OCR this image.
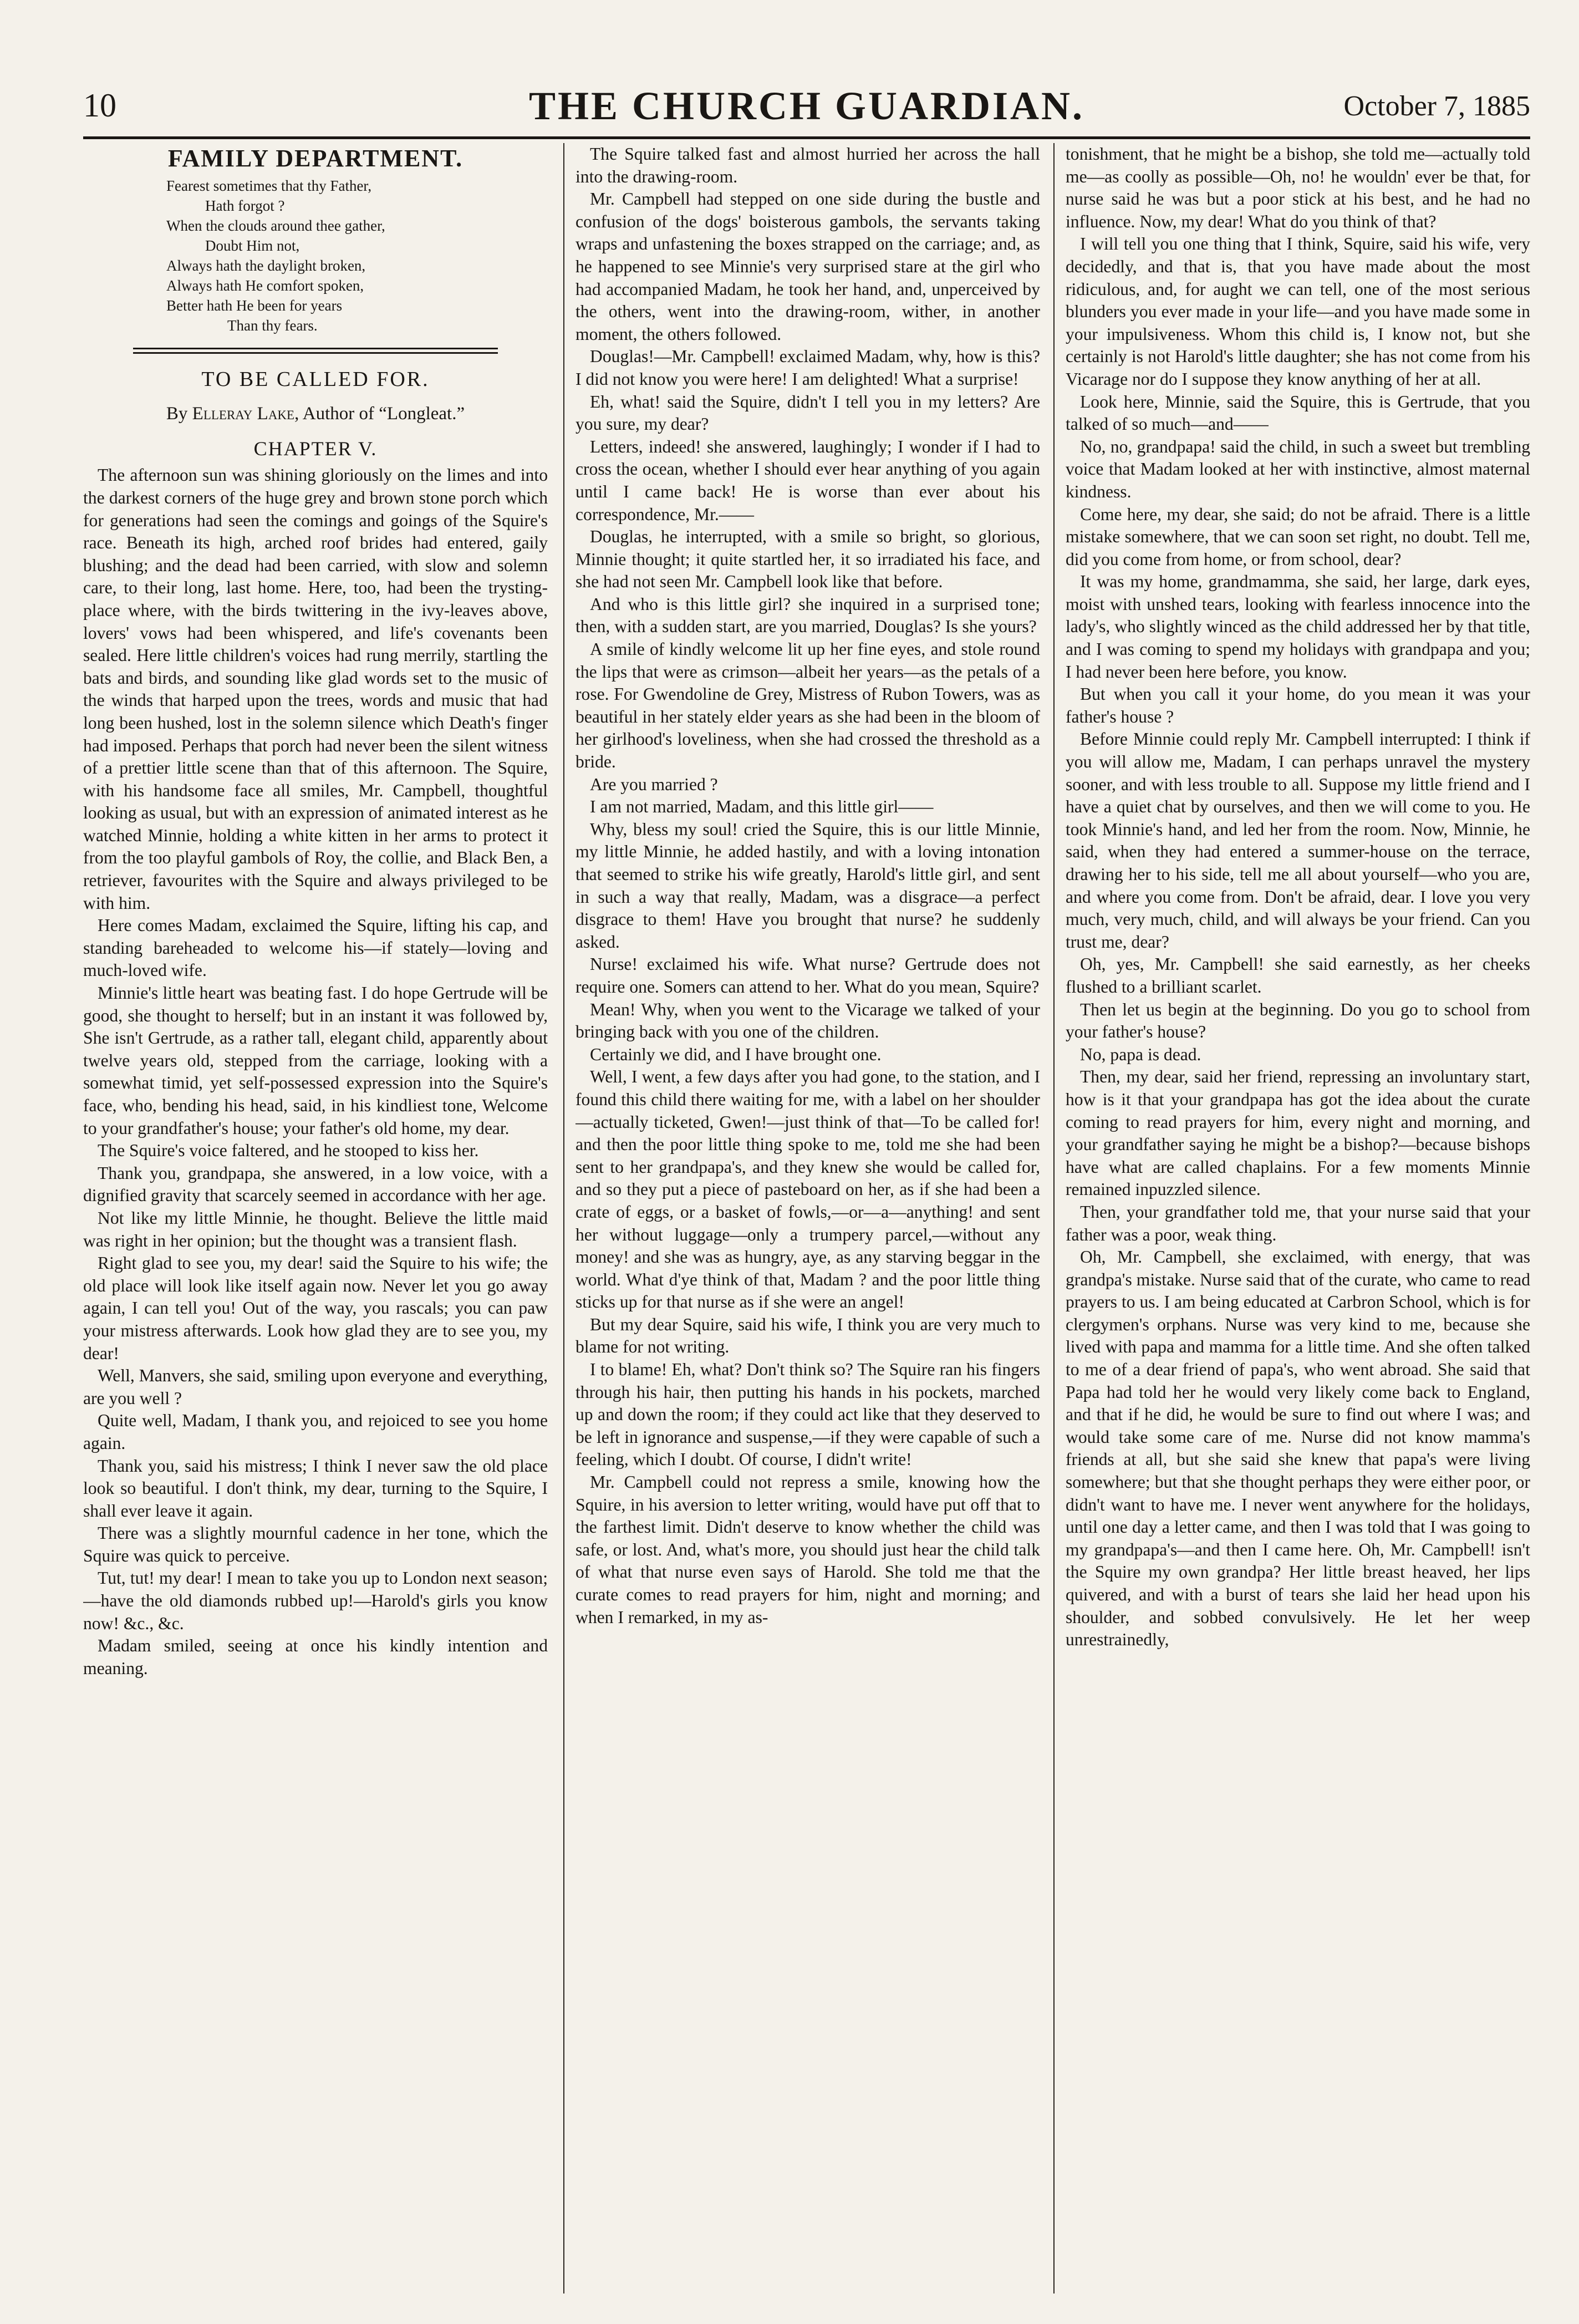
10	THE CHURCH GUARDIAN.	October 7, 1885
FAMILY DEPARTMENT.
Fearest sometimes that thy Father,
Hath forgot ?
When the clouds around thee gather,
Doubt Him not,
Always hath the daylight broken,
Always hath He comfort spoken,
Better hath He been for years
Than thy fears.
TO BE CALLED FOR.
By Elleray Lake, Author of “Longleat.”
CHAPTER V.

The afternoon sun was shining gloriously on the limes and into the darkest corners of the huge grey and brown stone porch which for generations had seen the comings and goings of the Squire's race. Beneath its high, arched roof brides had entered, gaily blushing; and the dead had been carried, with slow and solemn care, to their long, last home. Here, too, had been the trysting-place where, with the birds twittering in the ivy-leaves above, lovers' vows had been whispered, and life's covenants been sealed. Here little children's voices had rung merrily, startling the bats and birds, and sounding like glad words set to the music of the winds that harped upon the trees, words and music that had long been hushed, lost in the solemn silence which Death's finger had imposed. Perhaps that porch had never been the silent witness of a prettier little scene than that of this afternoon. The Squire, with his handsome face all smiles, Mr. Campbell, thoughtful looking as usual, but with an expression of animated interest as he watched Minnie, holding a white kitten in her arms to protect it from the too playful gambols of Roy, the collie, and Black Ben, a retriever, favourites with the Squire and always privileged to be with him.

Here comes Madam, exclaimed the Squire, lifting his cap, and standing bareheaded to welcome his—if stately—loving and much-loved wife.

Minnie's little heart was beating fast. I do hope Gertrude will be good, she thought to herself; but in an instant it was followed by, She isn't Gertrude, as a rather tall, elegant child, apparently about twelve years old, stepped from the carriage, looking with a somewhat timid, yet self-possessed expression into the Squire's face, who, bending his head, said, in his kindliest tone, Welcome to your grandfather's house; your father's old home, my dear.

The Squire's voice faltered, and he stooped to kiss her.

Thank you, grandpapa, she answered, in a low voice, with a dignified gravity that scarcely seemed in accordance with her age.

Not like my little Minnie, he thought. Believe the little maid was right in her opinion; but the thought was a transient flash.

Right glad to see you, my dear! said the Squire to his wife; the old place will look like itself again now. Never let you go away again, I can tell you! Out of the way, you rascals; you can paw your mistress afterwards. Look how glad they are to see you, my dear!

Well, Manvers, she said, smiling upon everyone and everything, are you well ?

Quite well, Madam, I thank you, and rejoiced to see you home again.

Thank you, said his mistress; I think I never saw the old place look so beautiful. I don't think, my dear, turning to the Squire, I shall ever leave it again.

There was a slightly mournful cadence in her tone, which the Squire was quick to perceive.

Tut, tut! my dear! I mean to take you up to London next season;—have the old diamonds rubbed up!—Harold's girls you know now! &c., &c.

Madam smiled, seeing at once his kindly intention and meaning.

The Squire talked fast and almost hurried her across the hall into the drawing-room.

Mr. Campbell had stepped on one side during the bustle and confusion of the dogs' boisterous gambols, the servants taking wraps and unfastening the boxes strapped on the carriage; and, as he happened to see Minnie's very surprised stare at the girl who had accompanied Madam, he took her hand, and, unperceived by the others, went into the drawing-room, wither, in another moment, the others followed.

Douglas!—Mr. Campbell! exclaimed Madam, why, how is this? I did not know you were here! I am delighted! What a surprise!

Eh, what! said the Squire, didn't I tell you in my letters? Are you sure, my dear?

Letters, indeed! she answered, laughingly; I wonder if I had to cross the ocean, whether I should ever hear anything of you again until I came back! He is worse than ever about his correspondence, Mr.——

Douglas, he interrupted, with a smile so bright, so glorious, Minnie thought; it quite startled her, it so irradiated his face, and she had not seen Mr. Campbell look like that before.

And who is this little girl? she inquired in a surprised tone; then, with a sudden start, are you married, Douglas? Is she yours?

A smile of kindly welcome lit up her fine eyes, and stole round the lips that were as crimson—albeit her years—as the petals of a rose. For Gwendoline de Grey, Mistress of Rubon Towers, was as beautiful in her stately elder years as she had been in the bloom of her girlhood's loveliness, when she had crossed the threshold as a bride.

Are you married ?

I am not married, Madam, and this little girl——

Why, bless my soul! cried the Squire, this is our little Minnie, my little Minnie, he added hastily, and with a loving intonation that seemed to strike his wife greatly, Harold's little girl, and sent in such a way that really, Madam, was a disgrace—a perfect disgrace to them! Have you brought that nurse? he suddenly asked.

Nurse! exclaimed his wife. What nurse? Gertrude does not require one. Somers can attend to her. What do you mean, Squire?

Mean! Why, when you went to the Vicarage we talked of your bringing back with you one of the children.

Certainly we did, and I have brought one.

Well, I went, a few days after you had gone, to the station, and I found this child there waiting for me, with a label on her shoulder—actually ticketed, Gwen!—just think of that—To be called for! and then the poor little thing spoke to me, told me she had been sent to her grandpapa's, and they knew she would be called for, and so they put a piece of pasteboard on her, as if she had been a crate of eggs, or a basket of fowls,—or—a—anything! and sent her without luggage—only a trumpery parcel,—without any money! and she was as hungry, aye, as any starving beggar in the world. What d'ye think of that, Madam ? and the poor little thing sticks up for that nurse as if she were an angel!

But my dear Squire, said his wife, I think you are very much to blame for not writing.

I to blame! Eh, what? Don't think so? The Squire ran his fingers through his hair, then putting his hands in his pockets, marched up and down the room; if they could act like that they deserved to be left in ignorance and suspense,—if they were capable of such a feeling, which I doubt. Of course, I didn't write!

Mr. Campbell could not repress a smile, knowing how the Squire, in his aversion to letter writing, would have put off that to the farthest limit. Didn't deserve to know whether the child was safe, or lost. And, what's more, you should just hear the child talk of what that nurse even says of Harold. She told me that the curate comes to read prayers for him, night and morning; and when I remarked, in my as-

tonishment, that he might be a bishop, she told me—actually told me—as coolly as possible—Oh, no! he wouldn' ever be that, for nurse said he was but a poor stick at his best, and he had no influence. Now, my dear! What do you think of that?

I will tell you one thing that I think, Squire, said his wife, very decidedly, and that is, that you have made about the most ridiculous, and, for aught we can tell, one of the most serious blunders you ever made in your life—and you have made some in your impulsiveness. Whom this child is, I know not, but she certainly is not Harold's little daughter; she has not come from his Vicarage nor do I suppose they know anything of her at all.

Look here, Minnie, said the Squire, this is Gertrude, that you talked of so much—and——

No, no, grandpapa! said the child, in such a sweet but trembling voice that Madam looked at her with instinctive, almost maternal kindness.

Come here, my dear, she said; do not be afraid. There is a little mistake somewhere, that we can soon set right, no doubt. Tell me, did you come from home, or from school, dear?

It was my home, grandmamma, she said, her large, dark eyes, moist with unshed tears, looking with fearless innocence into the lady's, who slightly winced as the child addressed her by that title, and I was coming to spend my holidays with grandpapa and you; I had never been here before, you know.

But when you call it your home, do you mean it was your father's house ?

Before Minnie could reply Mr. Campbell interrupted: I think if you will allow me, Madam, I can perhaps unravel the mystery sooner, and with less trouble to all. Suppose my little friend and I have a quiet chat by ourselves, and then we will come to you. He took Minnie's hand, and led her from the room. Now, Minnie, he said, when they had entered a summer-house on the terrace, drawing her to his side, tell me all about yourself—who you are, and where you come from. Don't be afraid, dear. I love you very much, very much, child, and will always be your friend. Can you trust me, dear?

Oh, yes, Mr. Campbell! she said earnestly, as her cheeks flushed to a brilliant scarlet.

Then let us begin at the beginning. Do you go to school from your father's house?

No, papa is dead.

Then, my dear, said her friend, repressing an involuntary start, how is it that your grandpapa has got the idea about the curate coming to read prayers for him, every night and morning, and your grandfather saying he might be a bishop?—because bishops have what are called chaplains. For a few moments Minnie remained inpuzzled silence.

Then, your grandfather told me, that your nurse said that your father was a poor, weak thing.

Oh, Mr. Campbell, she exclaimed, with energy, that was grandpa's mistake. Nurse said that of the curate, who came to read prayers to us. I am being educated at Carbron School, which is for clergymen's orphans. Nurse was very kind to me, because she lived with papa and mamma for a little time. And she often talked to me of a dear friend of papa's, who went abroad. She said that Papa had told her he would very likely come back to England, and that if he did, he would be sure to find out where I was; and would take some care of me. Nurse did not know mamma's friends at all, but she said she knew that papa's were living somewhere; but that she thought perhaps they were either poor, or didn't want to have me. I never went anywhere for the holidays, until one day a letter came, and then I was told that I was going to my grandpapa's—and then I came here. Oh, Mr. Campbell! isn't the Squire my own grandpa? Her little breast heaved, her lips quivered, and with a burst of tears she laid her head upon his shoulder, and sobbed convulsively. He let her weep unrestrainedly,
